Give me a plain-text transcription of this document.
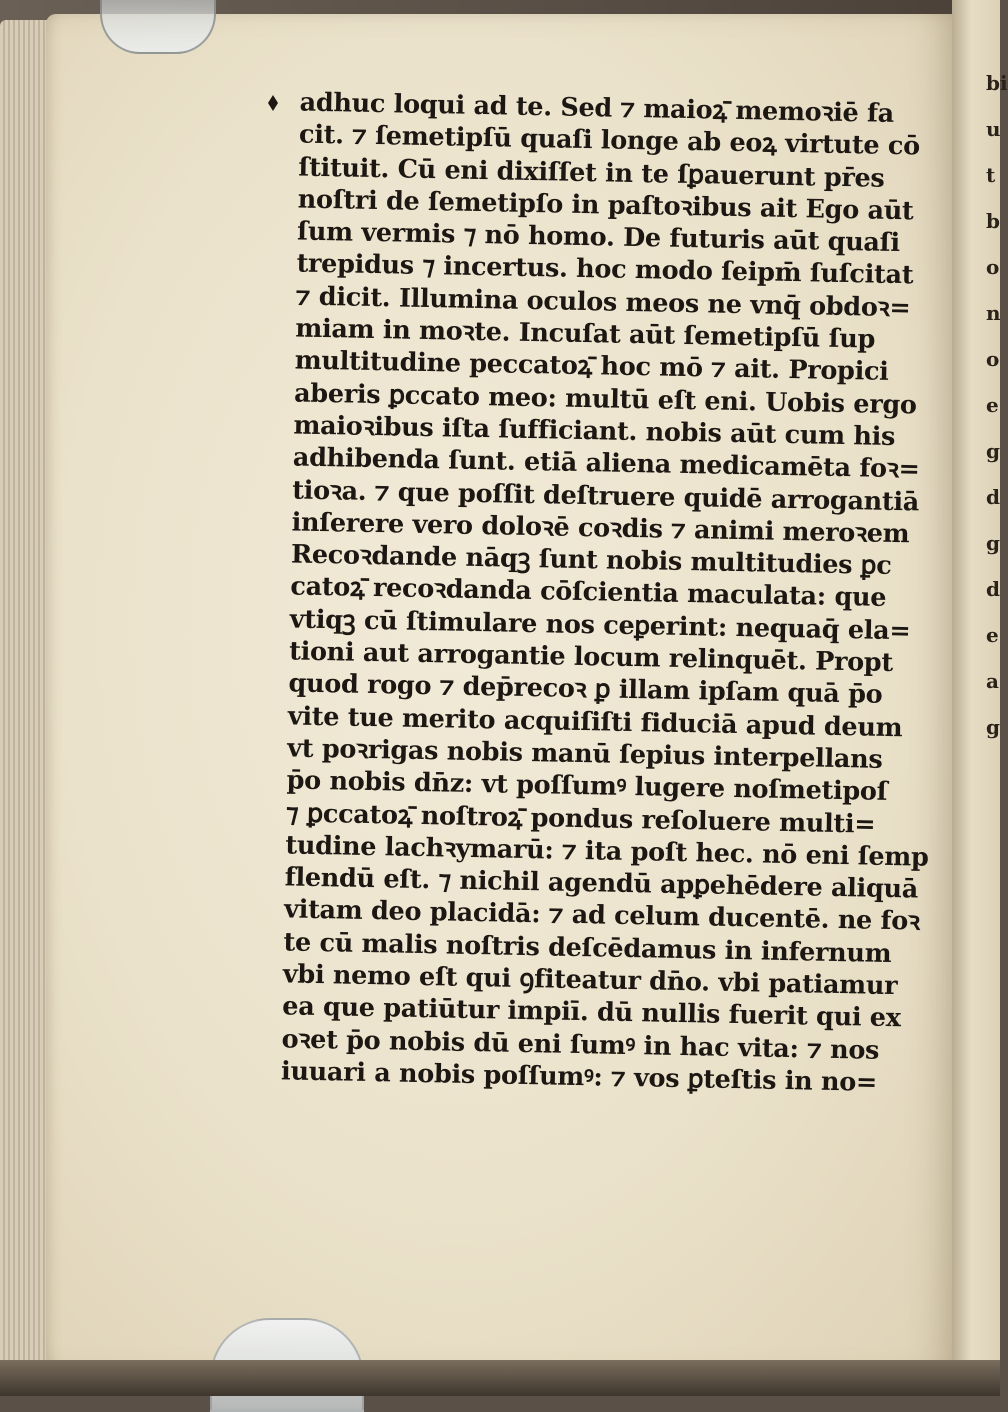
bi
u
t
b
o
n
o
e
g
d
g
d
e
a
g
adhuc loqui ad te. Sed ⁊ maioꝝ̄ memoꝛiē fa
cit. ⁊ ſemetipſū quaſi longe ab eoꝝ virtute cō
ſtituit. Cū eni dixiſſet in te ſꝑauerunt pr̄es
noſtri de ſemetipſo in paſtoꝛibus ait Ego aūt
ſum vermis ⁊ nō homo. De futuris aūt quaſi
trepidus ⁊ incertus. hoc modo ſeipm̄ ſuſcitat
⁊ dicit. Illumina oculos meos ne vnq̄ obdoꝛ=
miam in moꝛte. Incuſat aūt ſemetipſū ſup
multitudine peccatoꝝ̄ hoc mō ⁊ ait. Propici
aberis ꝑccato meo: multū eſt eni. Uobis ergo
maioꝛibus iſta ſufficiant. nobis aūt cum his
adhibenda ſunt. etiā aliena medicamēta foꝛ=
tioꝛa. ⁊ que poſſit deſtruere quidē arrogantiā
inſerere vero doloꝛē coꝛdis ⁊ animi meroꝛem
Recoꝛdande nāqꝫ ſunt nobis multitudies ꝑc
catoꝝ̄ recoꝛdanda cōſcientia maculata: que
vtiqꝫ cū ſtimulare nos ceꝑerint: nequaq̄ ela=
tioni aut arrogantie locum relinquēt. Propt
quod rogo ⁊ dep̄recoꝛ ꝑ illam ipſam quā p̄o
vite tue merito acquiſiſti fiduciā apud deum
vt poꝛrigas nobis manū ſepius interpellans
p̄o nobis dn̄z: vt poſſumꝰ lugere noſmetipoſ
⁊ ꝑccatoꝝ̄ noſtroꝝ̄ pondus reſoluere multi=
tudine lachꝛymarū: ⁊ ita poſt hec. nō eni ſemp
flendū eſt. ⁊ nichil agendū apꝑehēdere aliquā
vitam deo placidā: ⁊ ad celum ducentē. ne foꝛ
te cū malis noſtris deſcēdamus in infernum
vbi nemo eſt qui ꝯfiteatur dn̄o. vbi patiamur
ea que patiūtur impiī. dū nullis fuerit qui ex
oꝛet p̄o nobis dū eni ſumꝰ in hac vita: ⁊ nos
iuuari a nobis poſſumꝰ: ⁊ vos ꝑteſtis in no=
